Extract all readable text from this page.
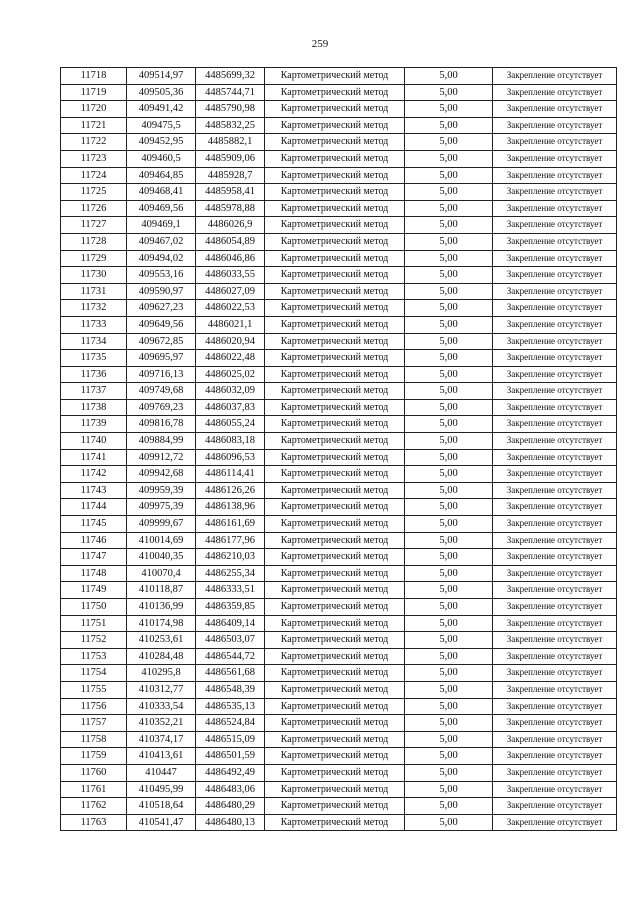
259
11718	409514,97	4485699,32	Картометрический метод	5,00	Закрепление отсутствует
11719	409505,36	4485744,71	Картометрический метод	5,00	Закрепление отсутствует
11720	409491,42	4485790,98	Картометрический метод	5,00	Закрепление отсутствует
11721	409475,5	4485832,25	Картометрический метод	5,00	Закрепление отсутствует
11722	409452,95	4485882,1	Картометрический метод	5,00	Закрепление отсутствует
11723	409460,5	4485909,06	Картометрический метод	5,00	Закрепление отсутствует
11724	409464,85	4485928,7	Картометрический метод	5,00	Закрепление отсутствует
11725	409468,41	4485958,41	Картометрический метод	5,00	Закрепление отсутствует
11726	409469,56	4485978,88	Картометрический метод	5,00	Закрепление отсутствует
11727	409469,1	4486026,9	Картометрический метод	5,00	Закрепление отсутствует
11728	409467,02	4486054,89	Картометрический метод	5,00	Закрепление отсутствует
11729	409494,02	4486046,86	Картометрический метод	5,00	Закрепление отсутствует
11730	409553,16	4486033,55	Картометрический метод	5,00	Закрепление отсутствует
11731	409590,97	4486027,09	Картометрический метод	5,00	Закрепление отсутствует
11732	409627,23	4486022,53	Картометрический метод	5,00	Закрепление отсутствует
11733	409649,56	4486021,1	Картометрический метод	5,00	Закрепление отсутствует
11734	409672,85	4486020,94	Картометрический метод	5,00	Закрепление отсутствует
11735	409695,97	4486022,48	Картометрический метод	5,00	Закрепление отсутствует
11736	409716,13	4486025,02	Картометрический метод	5,00	Закрепление отсутствует
11737	409749,68	4486032,09	Картометрический метод	5,00	Закрепление отсутствует
11738	409769,23	4486037,83	Картометрический метод	5,00	Закрепление отсутствует
11739	409816,78	4486055,24	Картометрический метод	5,00	Закрепление отсутствует
11740	409884,99	4486083,18	Картометрический метод	5,00	Закрепление отсутствует
11741	409912,72	4486096,53	Картометрический метод	5,00	Закрепление отсутствует
11742	409942,68	4486114,41	Картометрический метод	5,00	Закрепление отсутствует
11743	409959,39	4486126,26	Картометрический метод	5,00	Закрепление отсутствует
11744	409975,39	4486138,96	Картометрический метод	5,00	Закрепление отсутствует
11745	409999,67	4486161,69	Картометрический метод	5,00	Закрепление отсутствует
11746	410014,69	4486177,96	Картометрический метод	5,00	Закрепление отсутствует
11747	410040,35	4486210,03	Картометрический метод	5,00	Закрепление отсутствует
11748	410070,4	4486255,34	Картометрический метод	5,00	Закрепление отсутствует
11749	410118,87	4486333,51	Картометрический метод	5,00	Закрепление отсутствует
11750	410136,99	4486359,85	Картометрический метод	5,00	Закрепление отсутствует
11751	410174,98	4486409,14	Картометрический метод	5,00	Закрепление отсутствует
11752	410253,61	4486503,07	Картометрический метод	5,00	Закрепление отсутствует
11753	410284,48	4486544,72	Картометрический метод	5,00	Закрепление отсутствует
11754	410295,8	4486561,68	Картометрический метод	5,00	Закрепление отсутствует
11755	410312,77	4486548,39	Картометрический метод	5,00	Закрепление отсутствует
11756	410333,54	4486535,13	Картометрический метод	5,00	Закрепление отсутствует
11757	410352,21	4486524,84	Картометрический метод	5,00	Закрепление отсутствует
11758	410374,17	4486515,09	Картометрический метод	5,00	Закрепление отсутствует
11759	410413,61	4486501,59	Картометрический метод	5,00	Закрепление отсутствует
11760	410447	4486492,49	Картометрический метод	5,00	Закрепление отсутствует
11761	410495,99	4486483,06	Картометрический метод	5,00	Закрепление отсутствует
11762	410518,64	4486480,29	Картометрический метод	5,00	Закрепление отсутствует
11763	410541,47	4486480,13	Картометрический метод	5,00	Закрепление отсутствует
